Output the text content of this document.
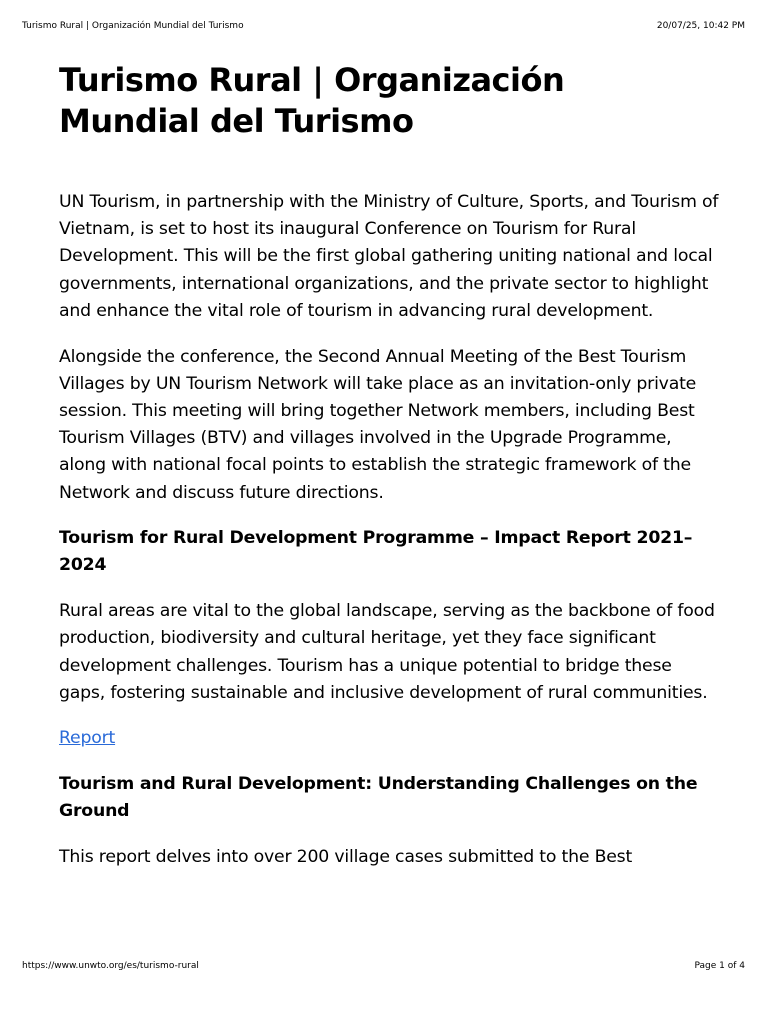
Turismo Rural | Organización Mundial del Turismo	20/07/25, 10:42 PM
Turismo Rural | Organización Mundial del Turismo

UN Tourism, in partnership with the Ministry of Culture, Sports, and Tourism of Vietnam, is set to host its inaugural Conference on Tourism for Rural Development. This will be the first global gathering uniting national and local governments, international organizations, and the private sector to highlight and enhance the vital role of tourism in advancing rural development.

Alongside the conference, the Second Annual Meeting of the Best Tourism Villages by UN Tourism Network will take place as an invitation-only private session. This meeting will bring together Network members, including Best Tourism Villages (BTV) and villages involved in the Upgrade Programme, along with national focal points to establish the strategic framework of the Network and discuss future directions.

Tourism for Rural Development Programme – Impact Report 2021–2024

Rural areas are vital to the global landscape, serving as the backbone of food production, biodiversity and cultural heritage, yet they face significant development challenges. Tourism has a unique potential to bridge these gaps, fostering sustainable and inclusive development of rural communities.

Report

Tourism and Rural Development: Understanding Challenges on the Ground

This report delves into over 200 village cases submitted to the Best

https://www.unwto.org/es/turismo-rural	Page 1 of 4
